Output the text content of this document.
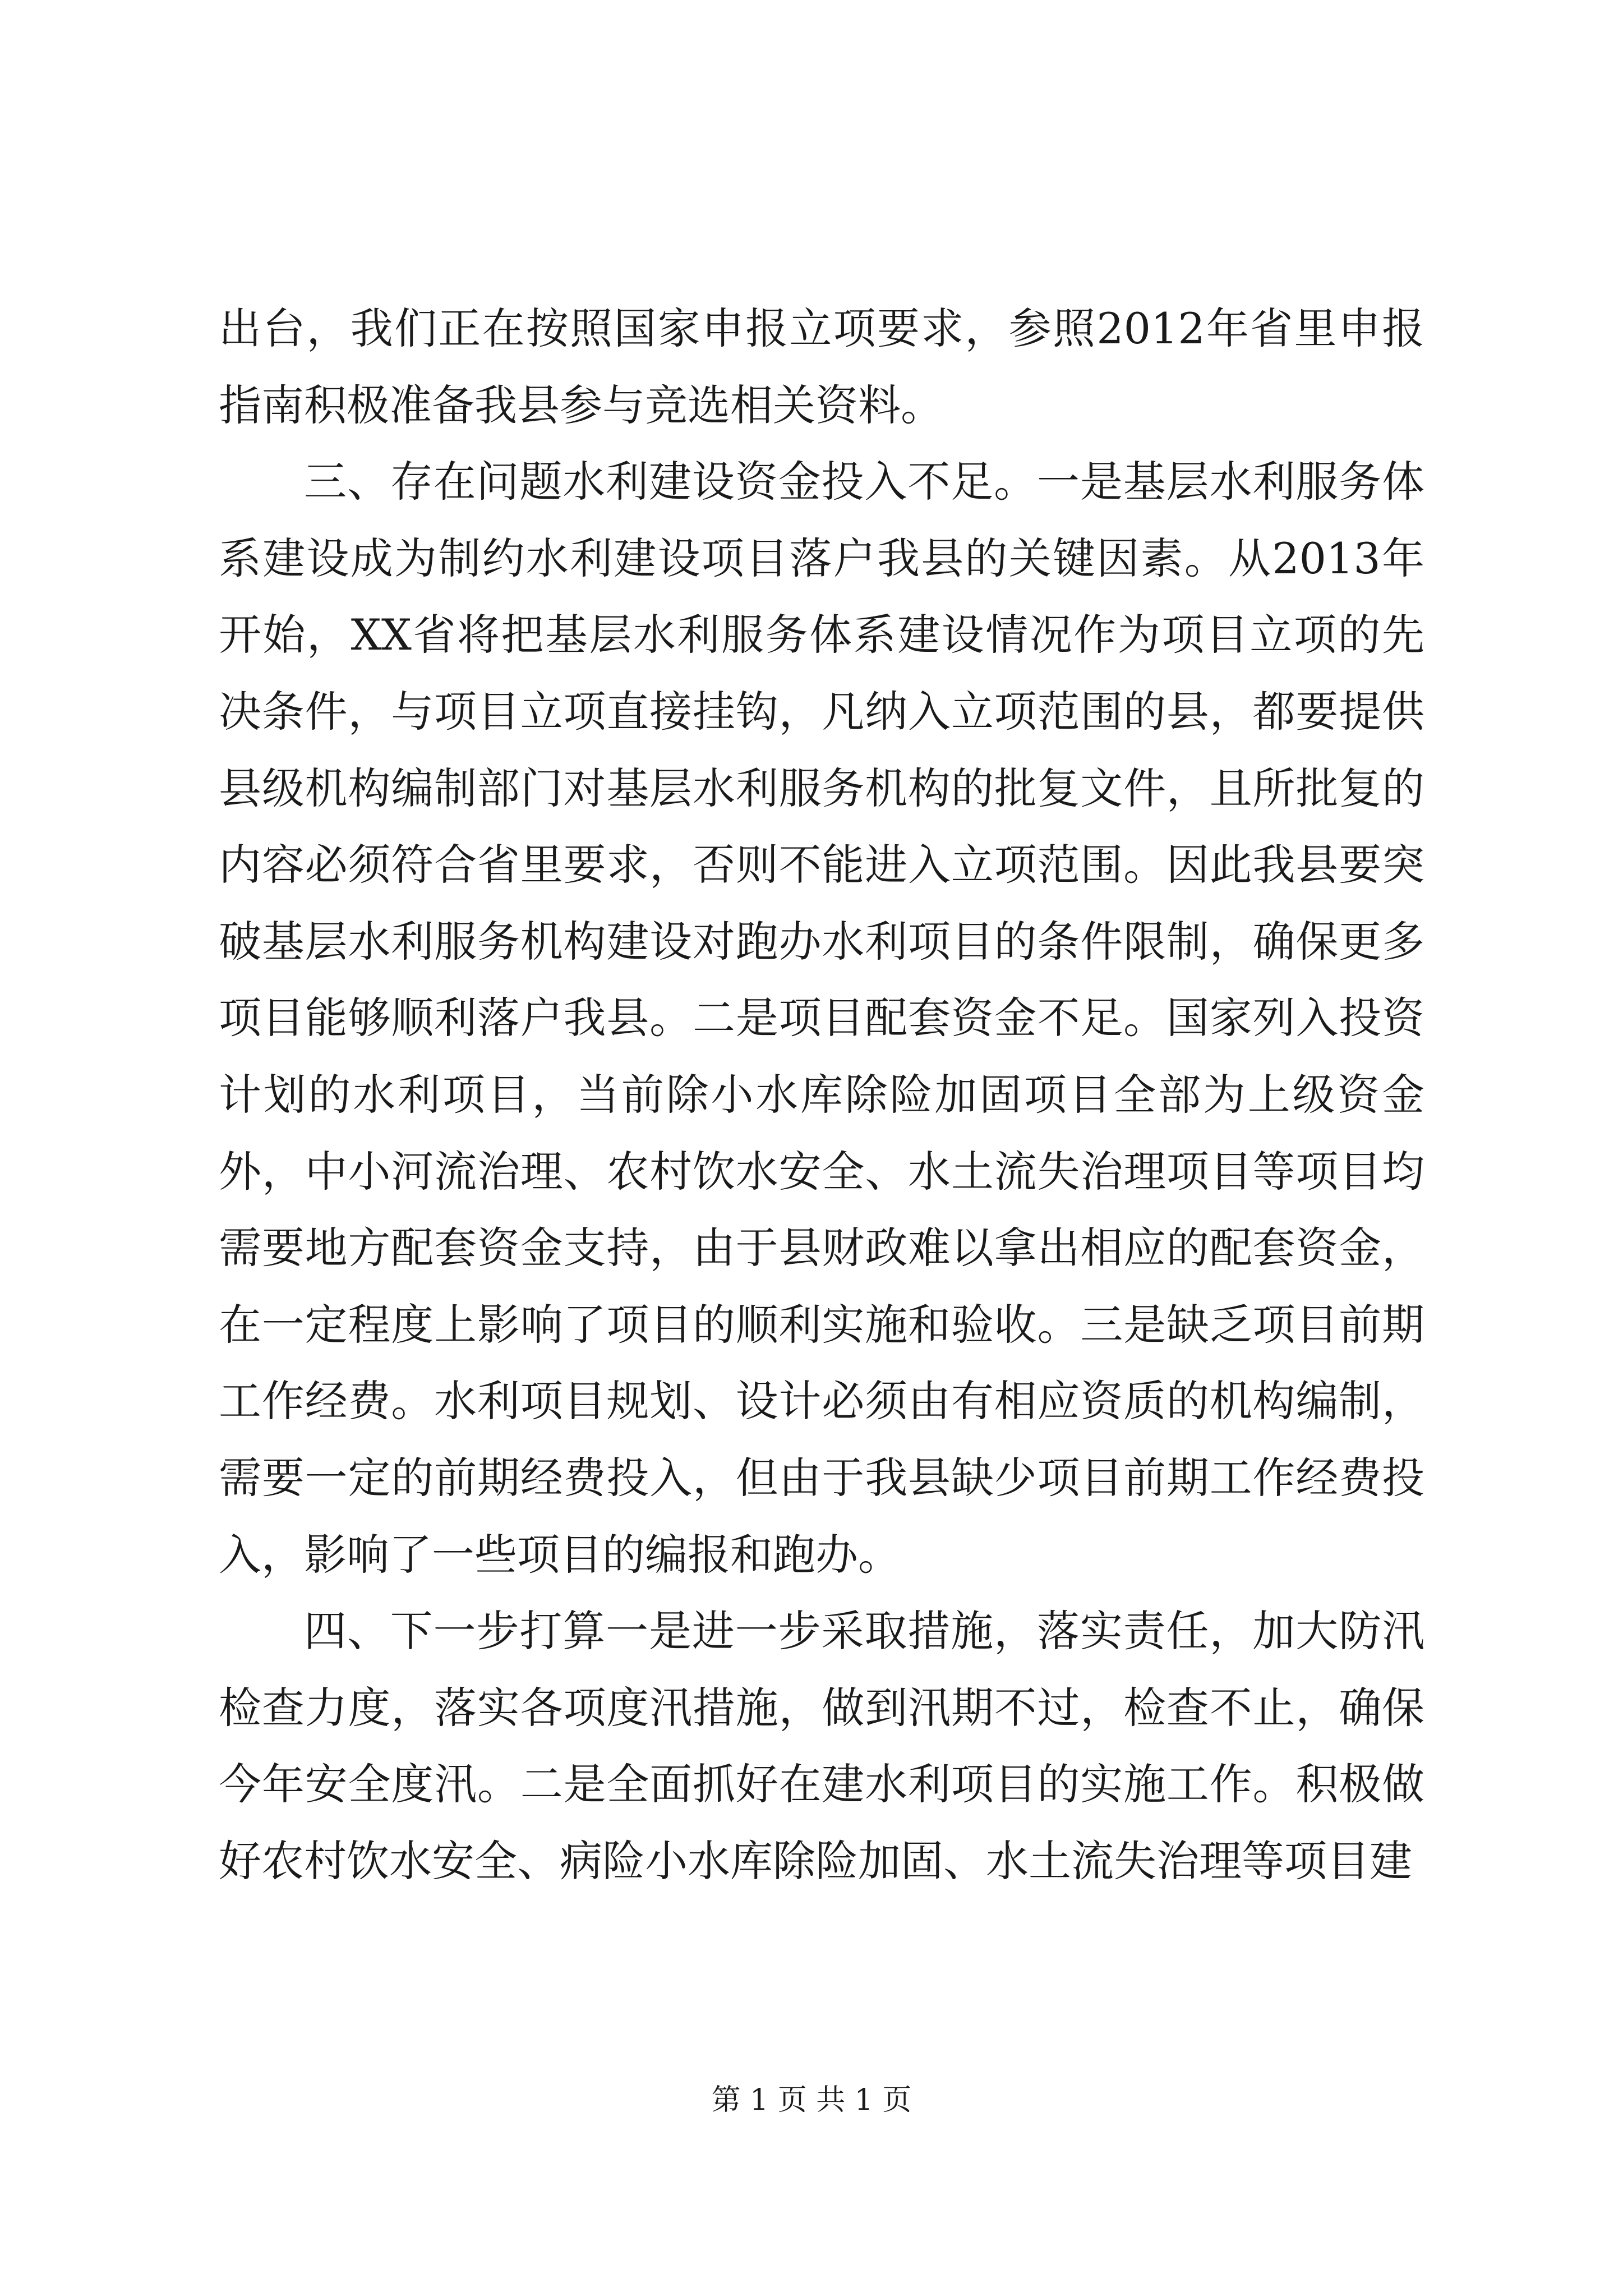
出台，我们正在按照国家申报立项要求，参照2012年省里申报指南积极准备我县参与竞选相关资料。

三、存在问题水利建设资金投入不足。一是基层水利服务体系建设成为制约水利建设项目落户我县的关键因素。从2013年开始，XX省将把基层水利服务体系建设情况作为项目立项的先决条件，与项目立项直接挂钩，凡纳入立项范围的县，都要提供县级机构编制部门对基层水利服务机构的批复文件，且所批复的内容必须符合省里要求，否则不能进入立项范围。因此我县要突破基层水利服务机构建设对跑办水利项目的条件限制，确保更多项目能够顺利落户我县。二是项目配套资金不足。国家列入投资计划的水利项目，当前除小水库除险加固项目全部为上级资金外，中小河流治理、农村饮水安全、水土流失治理项目等项目均需要地方配套资金支持，由于县财政难以拿出相应的配套资金，在一定程度上影响了项目的顺利实施和验收。三是缺乏项目前期工作经费。水利项目规划、设计必须由有相应资质的机构编制，需要一定的前期经费投入，但由于我县缺少项目前期工作经费投入，影响了一些项目的编报和跑办。

四、下一步打算一是进一步采取措施，落实责任，加大防汛检查力度，落实各项度汛措施，做到汛期不过，检查不止，确保今年安全度汛。二是全面抓好在建水利项目的实施工作。积极做好农村饮水安全、病险小水库除险加固、水土流失治理等项目建

第 1 页 共 1 页
